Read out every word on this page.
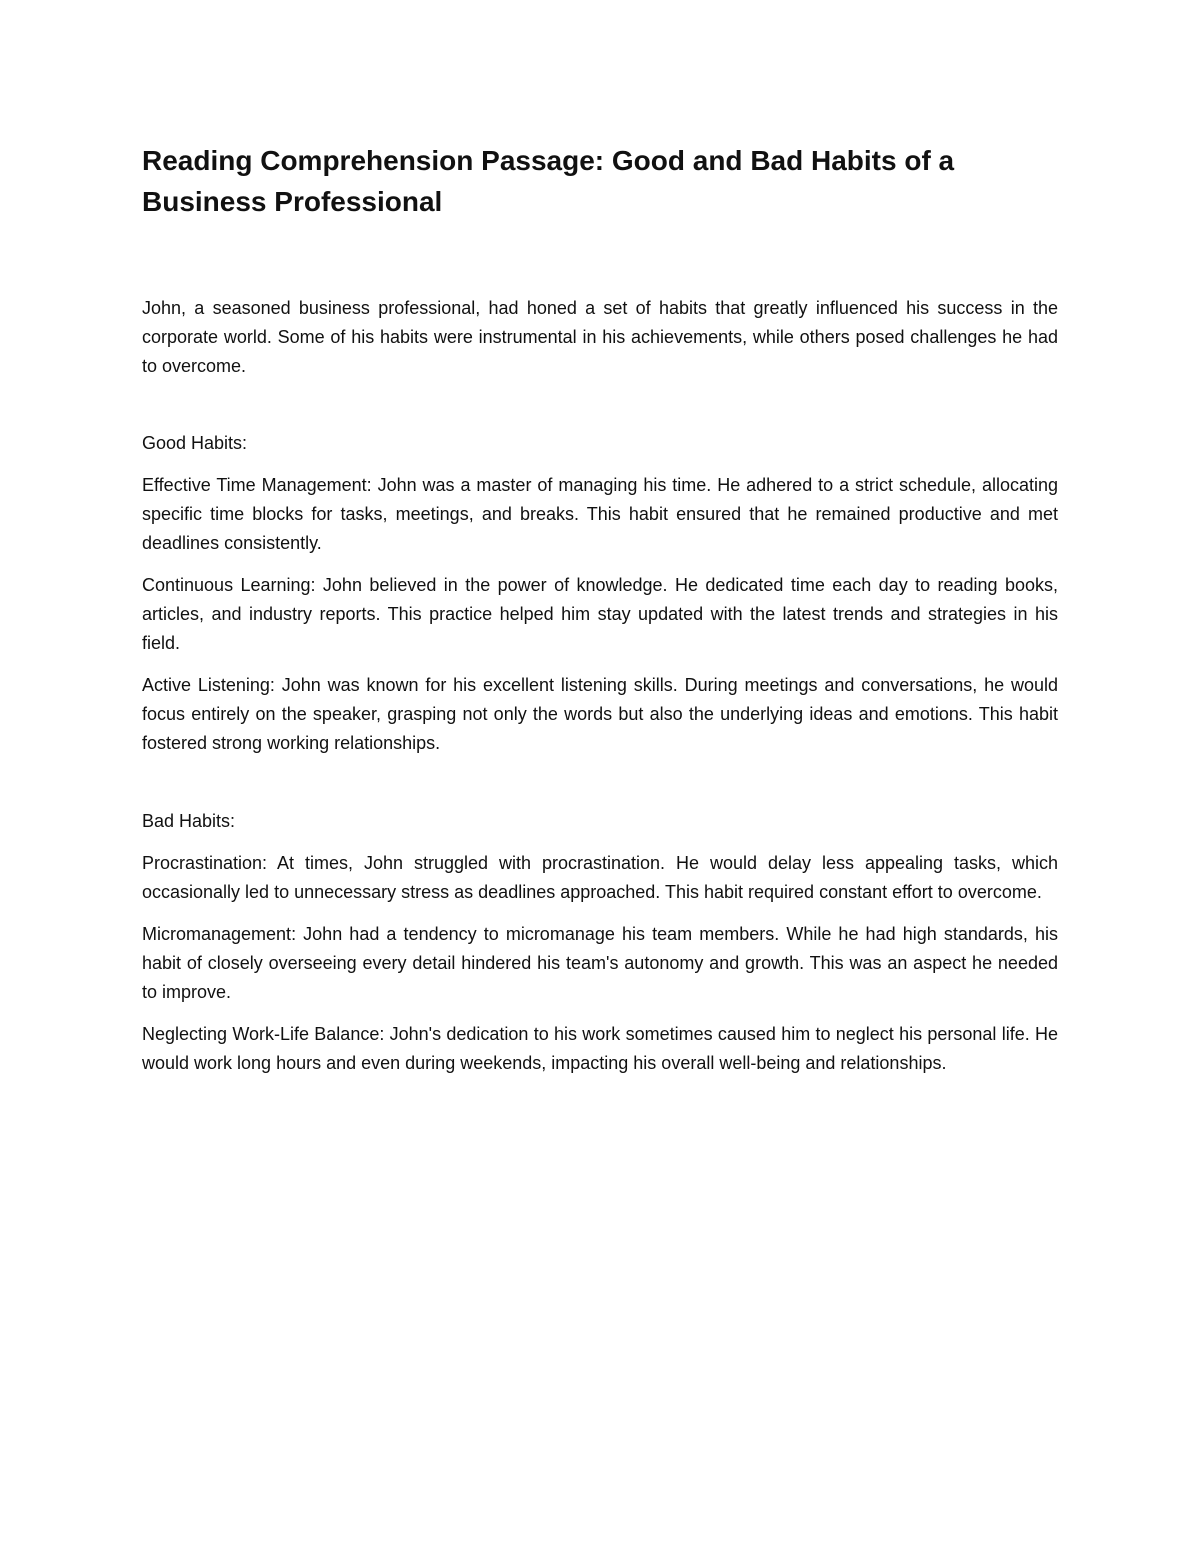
Reading Comprehension Passage: Good and Bad Habits of a Business Professional

John, a seasoned business professional, had honed a set of habits that greatly influenced his success in the corporate world. Some of his habits were instrumental in his achievements, while others posed challenges he had to overcome.

Good Habits:

Effective Time Management: John was a master of managing his time. He adhered to a strict schedule, allocating specific time blocks for tasks, meetings, and breaks. This habit ensured that he remained productive and met deadlines consistently.

Continuous Learning: John believed in the power of knowledge. He dedicated time each day to reading books, articles, and industry reports. This practice helped him stay updated with the latest trends and strategies in his field.

Active Listening: John was known for his excellent listening skills. During meetings and conversations, he would focus entirely on the speaker, grasping not only the words but also the underlying ideas and emotions. This habit fostered strong working relationships.

Bad Habits:

Procrastination: At times, John struggled with procrastination. He would delay less appealing tasks, which occasionally led to unnecessary stress as deadlines approached. This habit required constant effort to overcome.

Micromanagement: John had a tendency to micromanage his team members. While he had high standards, his habit of closely overseeing every detail hindered his team's autonomy and growth. This was an aspect he needed to improve.

Neglecting Work-Life Balance: John's dedication to his work sometimes caused him to neglect his personal life. He would work long hours and even during weekends, impacting his overall well-being and relationships.
